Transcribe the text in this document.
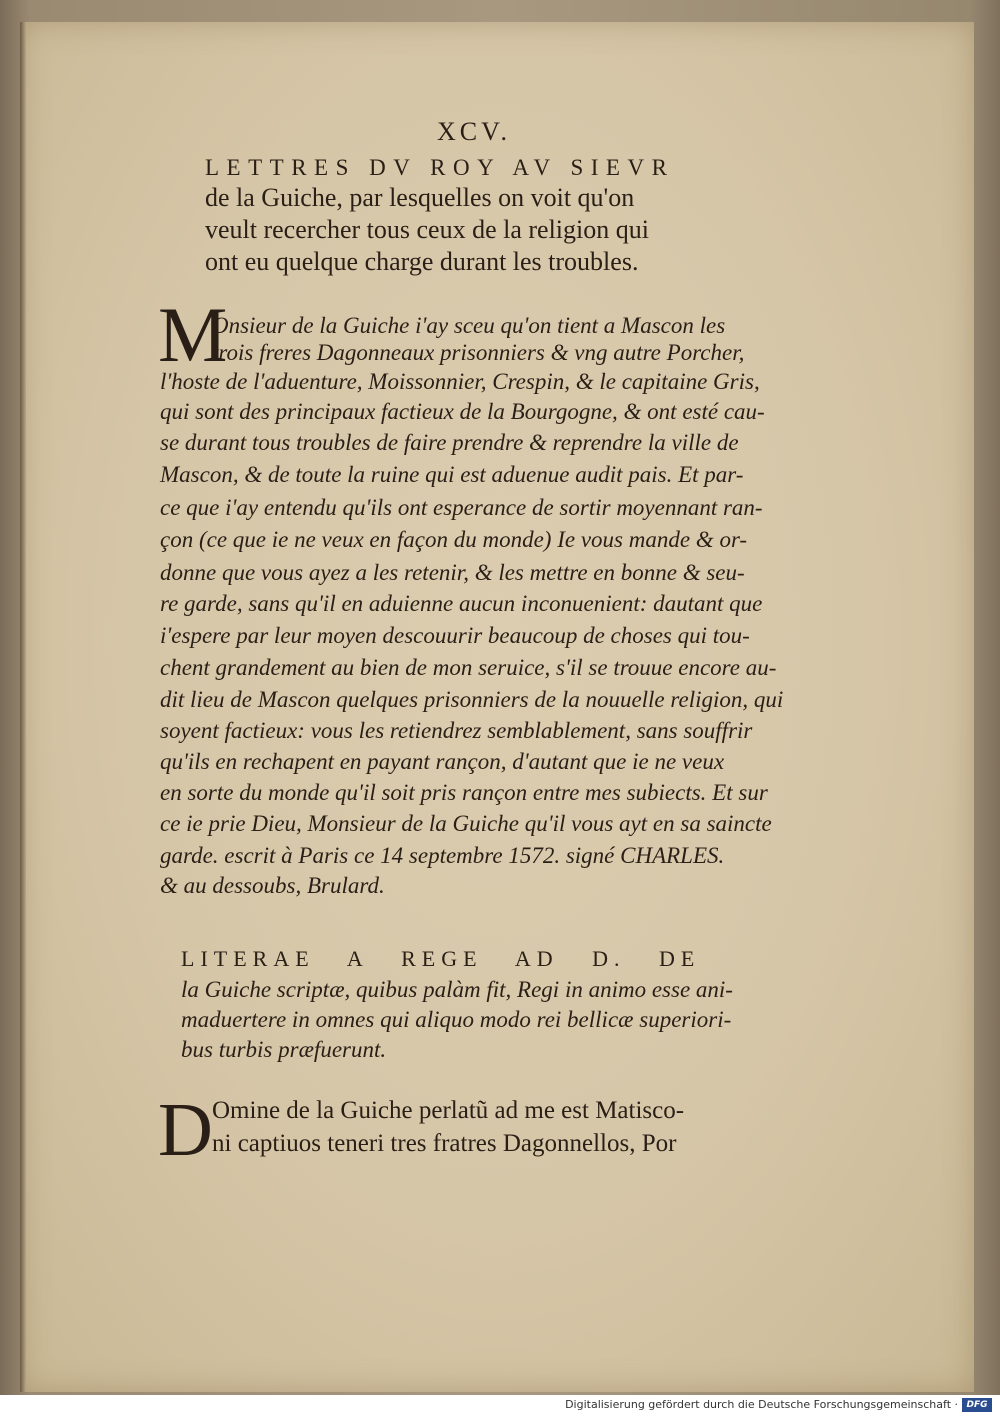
XCV.
LETTRES DV ROY AV SIEVR
de la Guiche, par lesquelles on voit qu'on
veult recercher tous ceux de la religion qui
ont eu quelque charge durant les troubles.
M
Onsieur de la Guiche i'ay sceu qu'on tient a Mascon les
trois freres Dagonneaux prisonniers & vng autre Porcher,
l'hoste de l'aduenture, Moissonnier, Crespin, & le capitaine Gris,
qui sont des principaux factieux de la Bourgogne, & ont esté cau-
se durant tous troubles de faire prendre & reprendre la ville de
Mascon, & de toute la ruine qui est aduenue audit pais. Et par-
ce que i'ay entendu qu'ils ont esperance de sortir moyennant ran-
çon (ce que ie ne veux en façon du monde) Ie vous mande & or-
donne que vous ayez a les retenir, & les mettre en bonne & seu-
re garde, sans qu'il en aduienne aucun inconuenient: dautant que
i'espere par leur moyen descouurir beaucoup de choses qui tou-
chent grandement au bien de mon seruice, s'il se trouue encore au-
dit lieu de Mascon quelques prisonniers de la nouuelle religion, qui
soyent factieux: vous les retiendrez semblablement, sans souffrir
qu'ils en rechapent en payant rançon, d'autant que ie ne veux
en sorte du monde qu'il soit pris rançon entre mes subiects. Et sur
ce ie prie Dieu, Monsieur de la Guiche qu'il vous ayt en sa saincte
garde. escrit à Paris ce 14 septembre 1572. signé CHARLES.
& au dessoubs, Brulard.
LITERAE A REGE AD D. DE
la Guiche scriptæ, quibus palàm fit, Regi in animo esse ani-
maduertere in omnes qui aliquo modo rei bellicæ superiori-
bus turbis præfuerunt.
D Omine de la Guiche perlatũ ad me est Matisco-
ni captiuos teneri tres fratres Dagonnellos, Por
Digitalisierung gefördert durch die Deutsche Forschungsgemeinschaft · DFG
